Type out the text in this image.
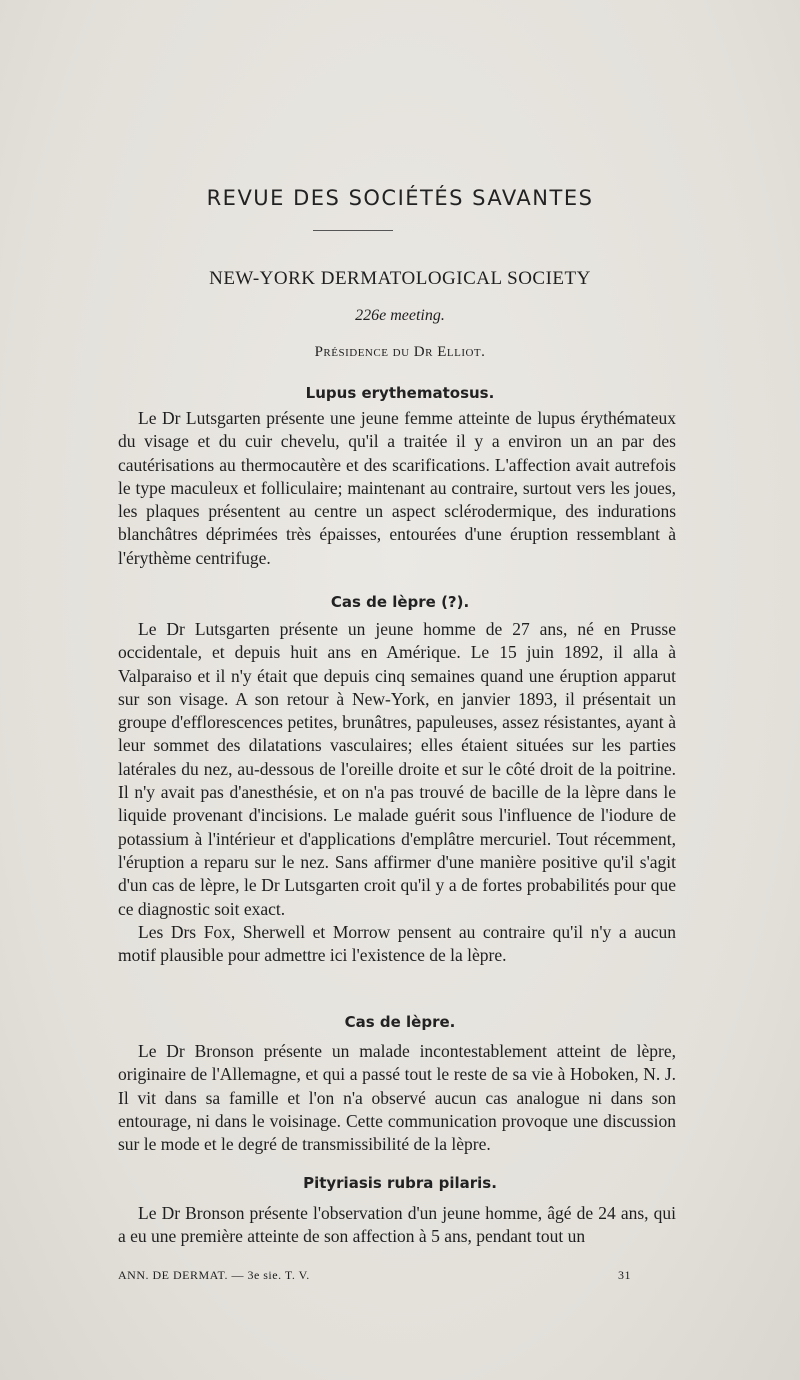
REVUE DES SOCIÉTÉS SAVANTES
NEW-YORK DERMATOLOGICAL SOCIETY
226e meeting.
Présidence du Dr Elliot.
Lupus erythematosus.

Le Dr Lutsgarten présente une jeune femme atteinte de lupus érythémateux du visage et du cuir chevelu, qu'il a traitée il y a environ un an par des cautérisations au thermocautère et des scarifications. L'affection avait autrefois le type maculeux et folliculaire; maintenant au contraire, surtout vers les joues, les plaques présentent au centre un aspect sclérodermique, des indurations blanchâtres déprimées très épaisses, entourées d'une éruption ressemblant à l'érythème centrifuge.

Cas de lèpre (?).

Le Dr Lutsgarten présente un jeune homme de 27 ans, né en Prusse occidentale, et depuis huit ans en Amérique. Le 15 juin 1892, il alla à Valparaiso et il n'y était que depuis cinq semaines quand une éruption apparut sur son visage. A son retour à New-York, en janvier 1893, il présentait un groupe d'efflorescences petites, brunâtres, papuleuses, assez résistantes, ayant à leur sommet des dilatations vasculaires; elles étaient situées sur les parties latérales du nez, au-dessous de l'oreille droite et sur le côté droit de la poitrine. Il n'y avait pas d'anesthésie, et on n'a pas trouvé de bacille de la lèpre dans le liquide provenant d'incisions. Le malade guérit sous l'influence de l'iodure de potassium à l'intérieur et d'applications d'emplâtre mercuriel. Tout récemment, l'éruption a reparu sur le nez. Sans affirmer d'une manière positive qu'il s'agit d'un cas de lèpre, le Dr Lutsgarten croit qu'il y a de fortes probabilités pour que ce diagnostic soit exact.

Les Drs Fox, Sherwell et Morrow pensent au contraire qu'il n'y a aucun motif plausible pour admettre ici l'existence de la lèpre.

Cas de lèpre.

Le Dr Bronson présente un malade incontestablement atteint de lèpre, originaire de l'Allemagne, et qui a passé tout le reste de sa vie à Hoboken, N. J. Il vit dans sa famille et l'on n'a observé aucun cas analogue ni dans son entourage, ni dans le voisinage. Cette communication provoque une discussion sur le mode et le degré de transmissibilité de la lèpre.

Pityriasis rubra pilaris.

Le Dr Bronson présente l'observation d'un jeune homme, âgé de 24 ans, qui a eu une première atteinte de son affection à 5 ans, pendant tout un

ANN. DE DERMAT. — 3e sie. T. V.	31
